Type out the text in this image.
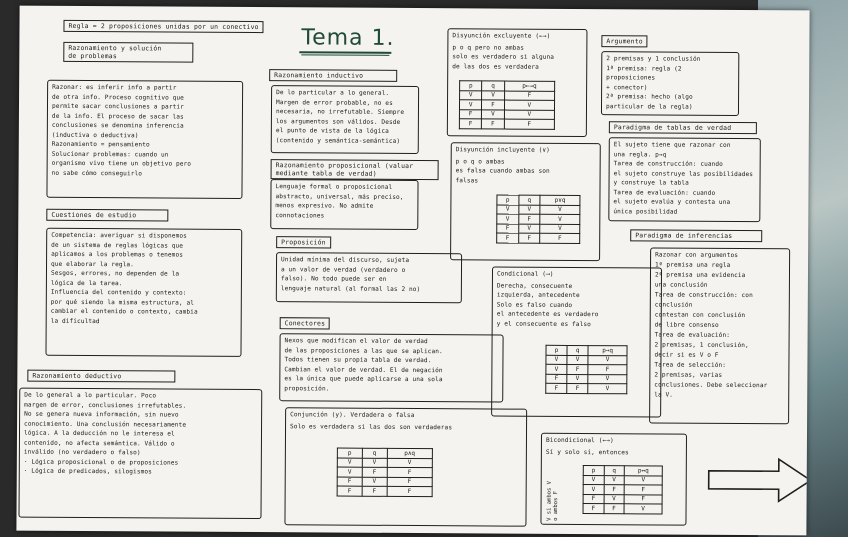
Regla = 2 proposiciones unidas por un conectivo Tema 1.
Razonamiento y solución
de problemas

Razonar: es inferir info a partir
de otra info. Proceso cognitivo que
permite sacar conclusiones a partir
de la info. El proceso de sacar las
conclusiones se denomina inferencia
(inductiva o deductiva)
Razonamiento = pensamiento
Solucionar problemas: cuando un
organismo vivo tiene un objetivo pero
no sabe cómo conseguirlo

Cuestiones de estudio

Competencia: averiguar si disponemos
de un sistema de reglas lógicas que
aplicamos a los problemas o tenemos
que elaborar la regla.
Sesgos, errores, no dependen de la
lógica de la tarea.
Influencia del contenido y contexto:
por qué siendo la misma estructura, al
cambiar el contenido o contexto, cambia
la dificultad

Razonamiento deductivo

De lo general a lo particular. Poco
margen de error, conclusiones irrefutables.
No se genera nueva información, sin nuevo
conocimiento. Una conclusión necesariamente
lógica. A la deducción no le interesa el
contenido, no afecta semántica. Válido o
inválido (no verdadero o falso)
· Lógica proposicional o de proposiciones
· Lógica de predicados, silogismos

Razonamiento inductivo

De lo particular a lo general.
Margen de error probable, no es
necesaria, no irrefutable. Siempre
los argumentos son válidos. Desde
el punto de vista de la lógica
(contenido y semántica-semántica)

Razonamiento proposicional (valuar
mediante tabla de verdad)

Lenguaje formal o proposicional
abstracto, universal, más preciso,
menos expresivo. No admite
connotaciones

Proposición

Unidad mínima del discurso, sujeta
a un valor de verdad (verdadero o
falso). No todo puede ser en
lenguaje natural (al formal las 2 no)

Conectores

Nexos que modifican el valor de verdad
de las proposiciones a las que se aplican.
Todos tienen su propia tabla de verdad.
Cambian el valor de verdad. El de negación
es la única que puede aplicarse a una sola
proposición.

Conjunción (y). Verdadera o falsa

Solo es verdadera si las dos son verdaderas

p	q	p∧q
V	V	V
V	F	F
F	V	F
F	F	F

Disyunción excluyente (←→)

p o q pero no ambas
solo es verdadero si alguna
de las dos es verdadera

p	q	p←→q
V	V	F
V	F	V
F	V	V
F	F	F

Disyunción incluyente (∨)

p o q o ambas
es falsa cuando ambas son
falsas

p	q	p∨q
V	V	V
V	F	V
F	V	V
F	F	F

Condicional (⟶)

Derecha, consecuente
izquierda, antecedente
Solo es falso cuando
el antecedente es verdadero
y el consecuente es falso

p	q	p→q
V	V	V
V	F	F
F	V	V
F	F	V

Bicondicional (←→)

Sí y solo sí, entonces

V si ambos V
o ambos F
p	q	p↔q
V	V	V
V	F	F
F	V	F
F	F	V
Argumento

2 premisas y 1 conclusión
1ª premisa: regla (2 proposiciones
+ conector)
2ª premisa: hecho (algo
particular de la regla)

Paradigma de tablas de verdad

El sujeto tiene que razonar con
una regla. p→q
Tarea de construcción: cuando
el sujeto construye las posibilidades
y construye la tabla
Tarea de evaluación: cuando
el sujeto evalúa y contesta una
única posibilidad

Paradigma de inferencias

Razonar con argumentos
1ª premisa una regla
2ª premisa una evidencia
una conclusión
Tarea de construcción: con conclusión
contestan con conclusión
de libre consenso
Tarea de evaluación:
2 premisas, 1 conclusión,
decir si es V o F
Tarea de selección:
2 premisas, varias
conclusiones. Debe seleccionar
la V.
